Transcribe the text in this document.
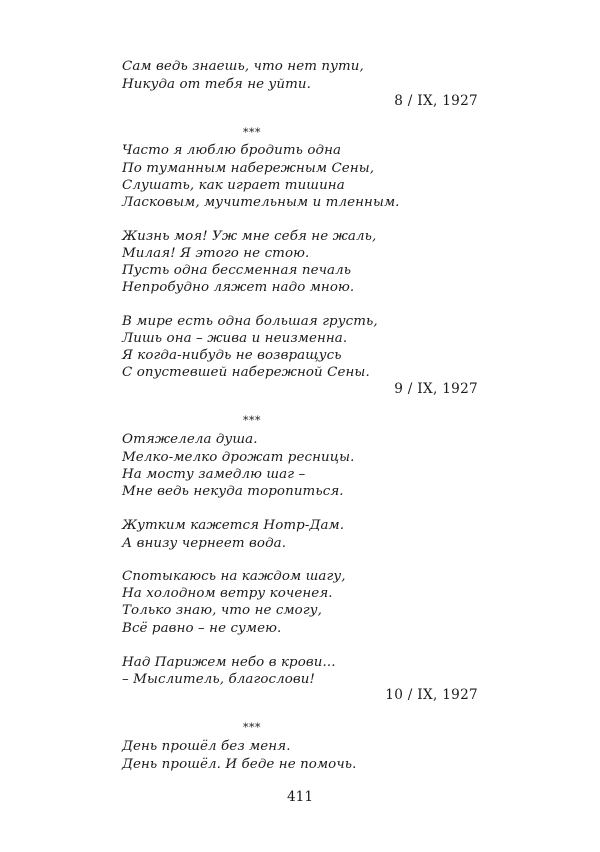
Сам ведь знаешь, что нет пути,
Никуда от тебя не уйти.
8 / IX, 1927
***
Часто я люблю бродить одна
По туманным набережным Сены,
Слушать, как играет тишина
Ласковым, мучительным и тленным.
Жизнь моя! Уж мне себя не жаль,
Милая! Я этого не стою.
Пусть одна бессменная печаль
Непробудно ляжет надо мною.
В мире есть одна большая грусть,
Лишь она – жива и неизменна.
Я когда-нибудь не возвращусь
С опустевшей набережной Сены.
9 / IX, 1927
***
Отяжелела душа.
Мелко-мелко дрожат ресницы.
На мосту замедлю шаг –
Мне ведь некуда торопиться.
Жутким кажется Нотр-Дам.
А внизу чернеет вода.
Спотыкаюсь на каждом шагу,
На холодном ветру коченея.
Только знаю, что не смогу,
Всё равно – не сумею.
Над Парижем небо в крови...
– Мыслитель, благослови!
10 / IX, 1927
***
День прошёл без меня.
День прошёл. И беде не помочь.
411
